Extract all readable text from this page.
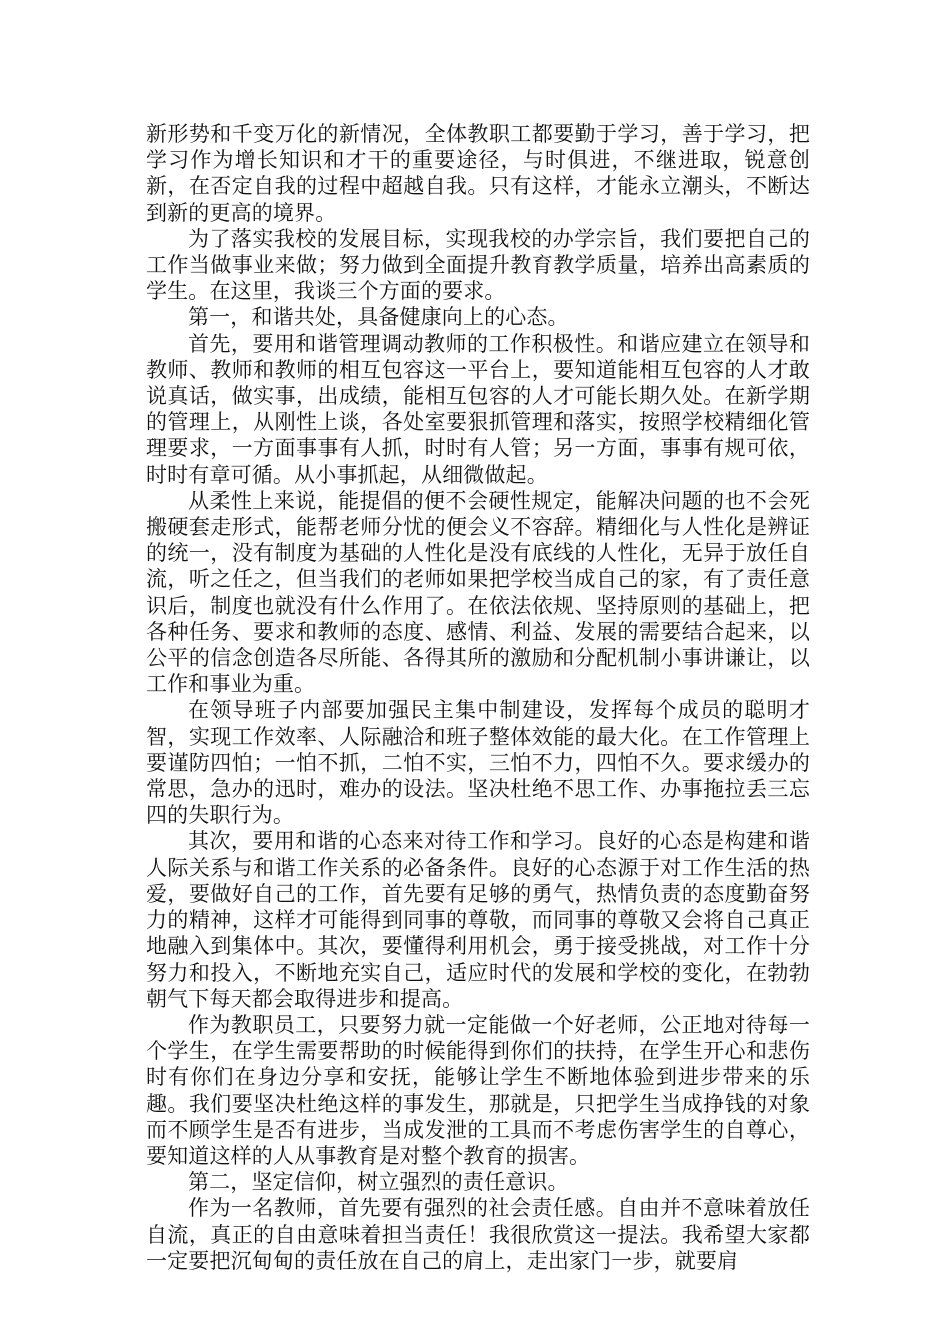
新形势和千变万化的新情况，全体教职工都要勤于学习，善于学习，把学习作为增长知识和才干的重要途径，与时俱进，不继进取，锐意创新，在否定自我的过程中超越自我。只有这样，才能永立潮头，不断达到新的更高的境界。

为了落实我校的发展目标，实现我校的办学宗旨，我们要把自己的工作当做事业来做；努力做到全面提升教育教学质量，培养出高素质的学生。在这里，我谈三个方面的要求。

第一，和谐共处，具备健康向上的心态。

首先，要用和谐管理调动教师的工作积极性。和谐应建立在领导和教师、教师和教师的相互包容这一平台上，要知道能相互包容的人才敢说真话，做实事，出成绩，能相互包容的人才可能长期久处。在新学期的管理上，从刚性上谈，各处室要狠抓管理和落实，按照学校精细化管理要求，一方面事事有人抓，时时有人管；另一方面，事事有规可依，时时有章可循。从小事抓起，从细微做起。

从柔性上来说，能提倡的便不会硬性规定，能解决问题的也不会死搬硬套走形式，能帮老师分忧的便会义不容辞。精细化与人性化是辨证的统一，没有制度为基础的人性化是没有底线的人性化，无异于放任自流，听之任之，但当我们的老师如果把学校当成自己的家，有了责任意识后，制度也就没有什么作用了。在依法依规、坚持原则的基础上，把各种任务、要求和教师的态度、感情、利益、发展的需要结合起来，以公平的信念创造各尽所能、各得其所的激励和分配机制小事讲谦让，以工作和事业为重。

在领导班子内部要加强民主集中制建设，发挥每个成员的聪明才智，实现工作效率、人际融洽和班子整体效能的最大化。在工作管理上要谨防四怕；一怕不抓，二怕不实，三怕不力，四怕不久。要求缓办的常思，急办的迅时，难办的设法。坚决杜绝不思工作、办事拖拉丢三忘四的失职行为。

其次，要用和谐的心态来对待工作和学习。良好的心态是构建和谐人际关系与和谐工作关系的必备条件。良好的心态源于对工作生活的热爱，要做好自己的工作，首先要有足够的勇气，热情负责的态度勤奋努力的精神，这样才可能得到同事的尊敬，而同事的尊敬又会将自己真正地融入到集体中。其次，要懂得利用机会，勇于接受挑战，对工作十分努力和投入，不断地充实自己，适应时代的发展和学校的变化，在勃勃朝气下每天都会取得进步和提高。

作为教职员工，只要努力就一定能做一个好老师，公正地对待每一个学生，在学生需要帮助的时候能得到你们的扶持，在学生开心和悲伤时有你们在身边分享和安抚，能够让学生不断地体验到进步带来的乐趣。我们要坚决杜绝这样的事发生，那就是，只把学生当成挣钱的对象而不顾学生是否有进步，当成发泄的工具而不考虑伤害学生的自尊心，要知道这样的人从事教育是对整个教育的损害。

第二，坚定信仰，树立强烈的责任意识。

作为一名教师，首先要有强烈的社会责任感。自由并不意味着放任自流，真正的自由意味着担当责任！我很欣赏这一提法。我希望大家都一定要把沉甸甸的责任放在自己的肩上，走出家门一步，就要肩
